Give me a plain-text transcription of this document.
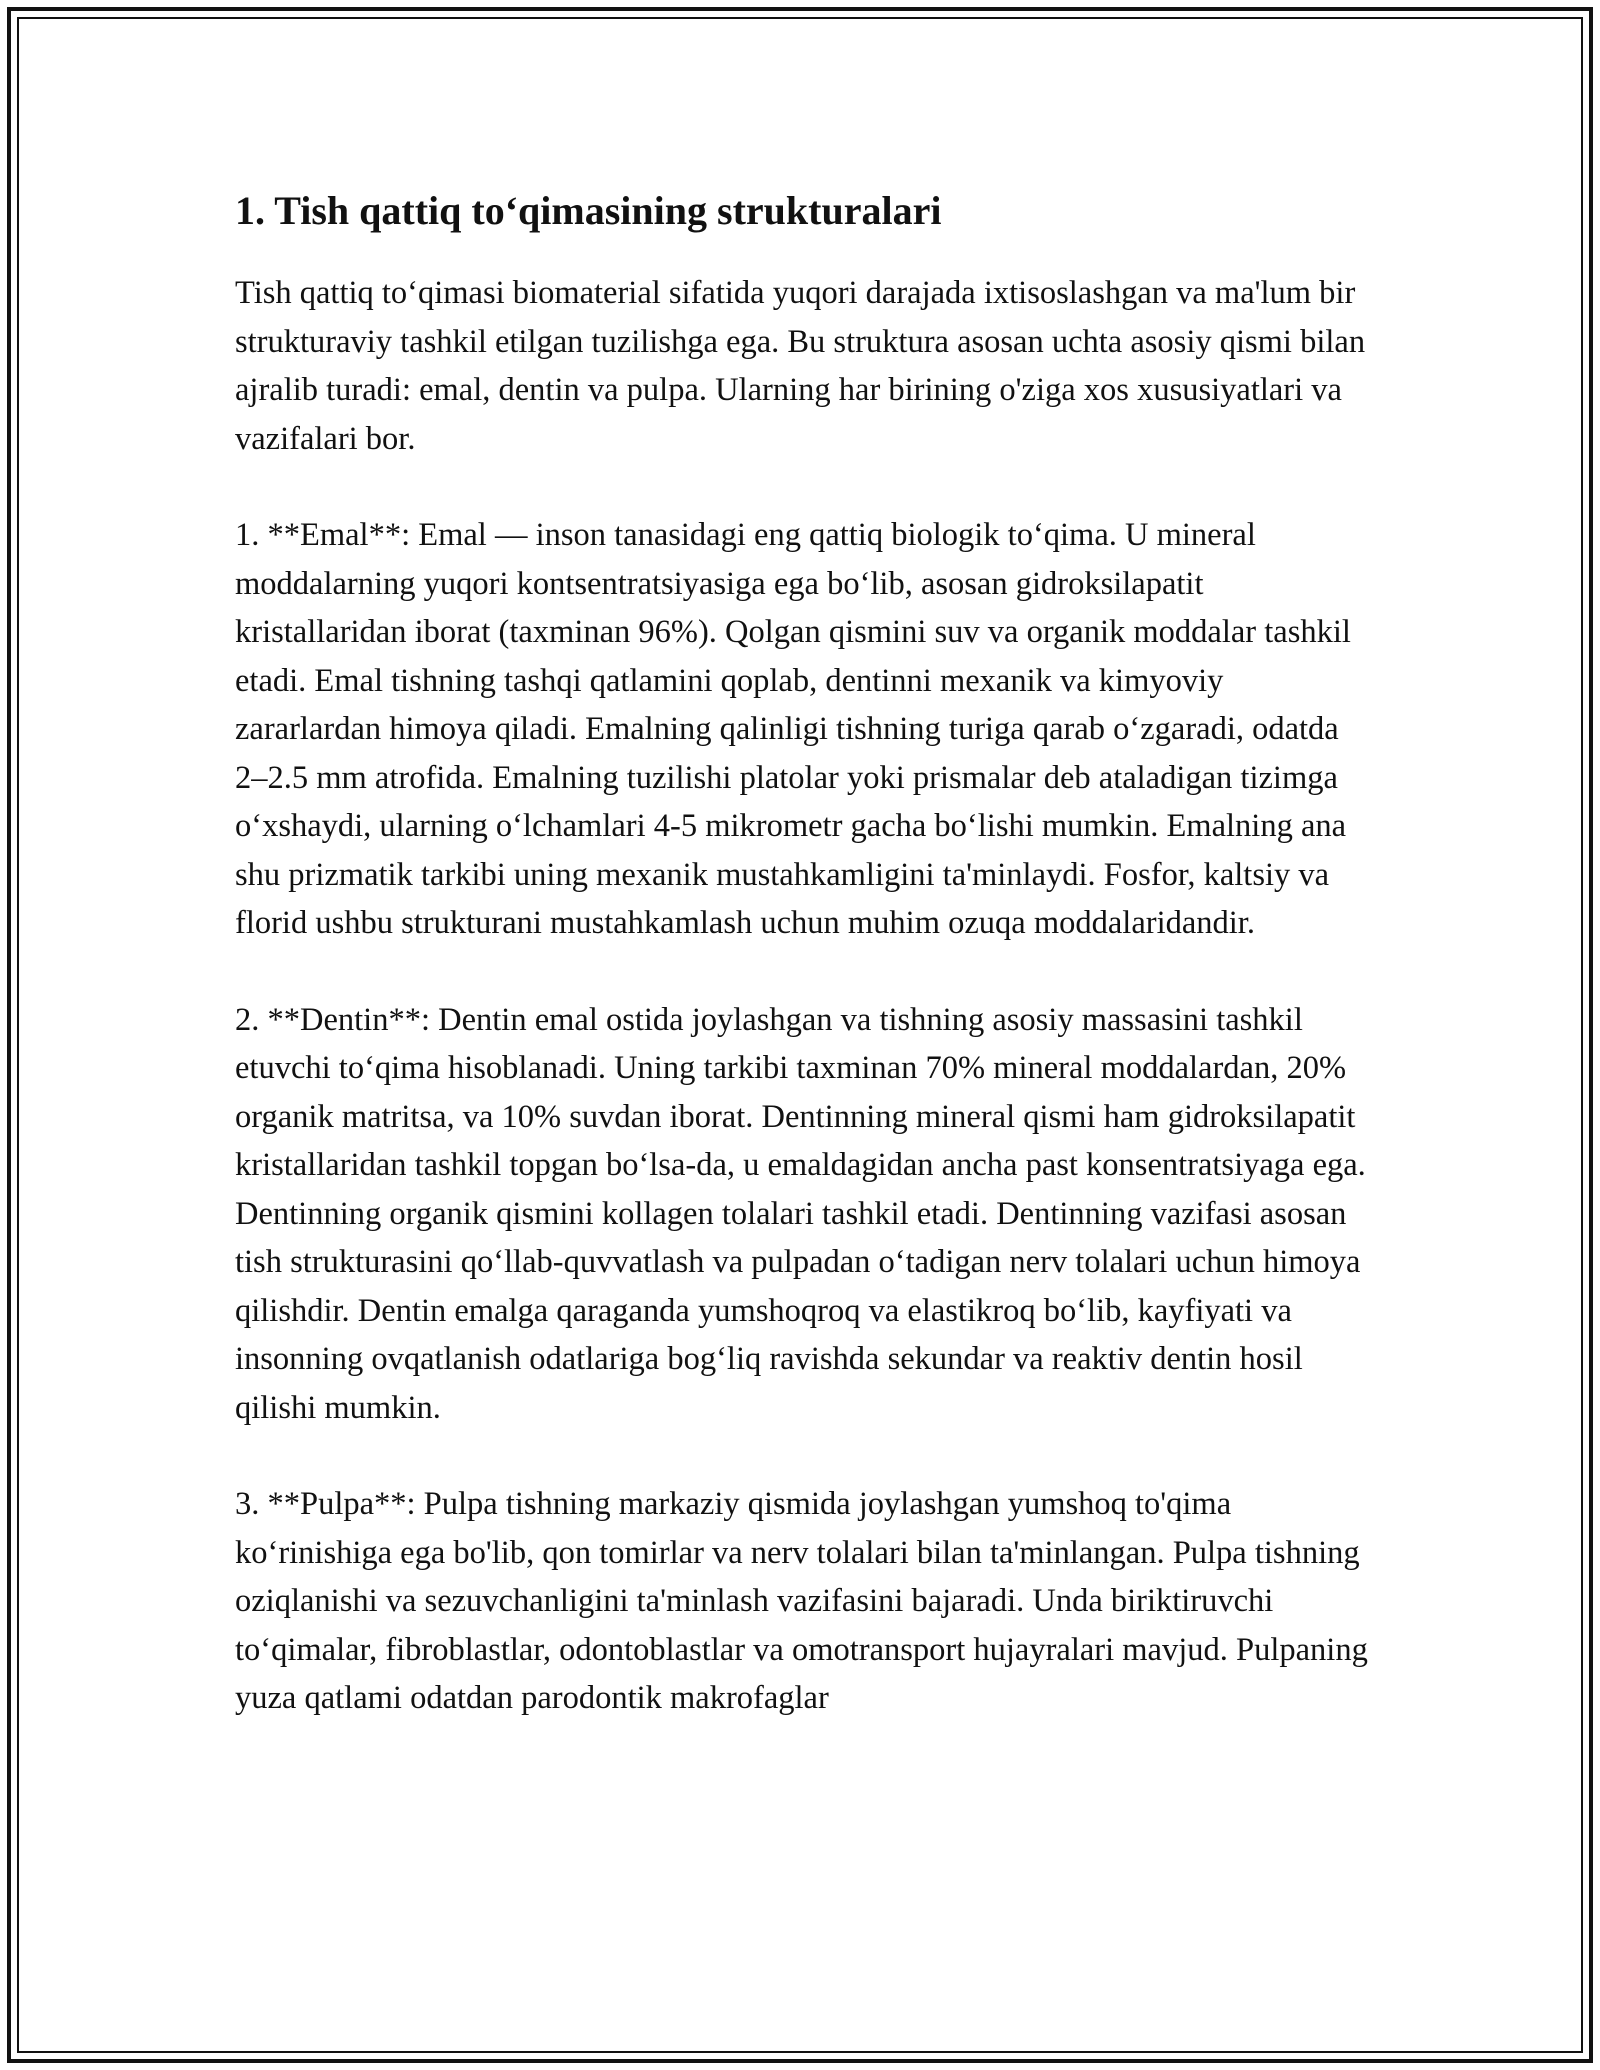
1. Tish qattiq to‘qimasining strukturalari

Tish qattiq to‘qimasi biomaterial sifatida yuqori darajada ixtisoslashgan va ma'lum bir strukturaviy tashkil etilgan tuzilishga ega. Bu struktura asosan uchta asosiy qismi bilan ajralib turadi: emal, dentin va pulpa. Ularning har birining o'ziga xos xususiyatlari va vazifalari bor.

1. **Emal**: Emal — inson tanasidagi eng qattiq biologik to‘qima. U mineral moddalarning yuqori kontsentratsiyasiga ega bo‘lib, asosan gidroksilapatit kristallaridan iborat (taxminan 96%). Qolgan qismini suv va organik moddalar tashkil etadi. Emal tishning tashqi qatlamini qoplab, dentinni mexanik va kimyoviy zararlardan himoya qiladi. Emalning qalinligi tishning turiga qarab o‘zgaradi, odatda 2–2.5 mm atrofida. Emalning tuzilishi platolar yoki prismalar deb ataladigan tizimga o‘xshaydi, ularning o‘lchamlari 4-5 mikrometr gacha bo‘lishi mumkin. Emalning ana shu prizmatik tarkibi uning mexanik mustahkamligini ta'minlaydi. Fosfor, kaltsiy va florid ushbu strukturani mustahkamlash uchun muhim ozuqa moddalaridandir.

2. **Dentin**: Dentin emal ostida joylashgan va tishning asosiy massasini tashkil etuvchi to‘qima hisoblanadi. Uning tarkibi taxminan 70% mineral moddalardan, 20% organik matritsa, va 10% suvdan iborat. Dentinning mineral qismi ham gidroksilapatit kristallaridan tashkil topgan bo‘lsa-da, u emaldagidan ancha past konsentratsiyaga ega. Dentinning organik qismini kollagen tolalari tashkil etadi. Dentinning vazifasi asosan tish strukturasini qo‘llab-quvvatlash va pulpadan o‘tadigan nerv tolalari uchun himoya qilishdir. Dentin emalga qaraganda yumshoqroq va elastikroq bo‘lib, kayfiyati va insonning ovqatlanish odatlariga bog‘liq ravishda sekundar va reaktiv dentin hosil qilishi mumkin.

3. **Pulpa**: Pulpa tishning markaziy qismida joylashgan yumshoq to'qima ko‘rinishiga ega bo'lib, qon tomirlar va nerv tolalari bilan ta'minlangan. Pulpa tishning oziqlanishi va sezuvchanligini ta'minlash vazifasini bajaradi. Unda biriktiruvchi to‘qimalar, fibroblastlar, odontoblastlar va omotransport hujayralari mavjud. Pulpaning yuza qatlami odatdan parodontik makrofaglar
